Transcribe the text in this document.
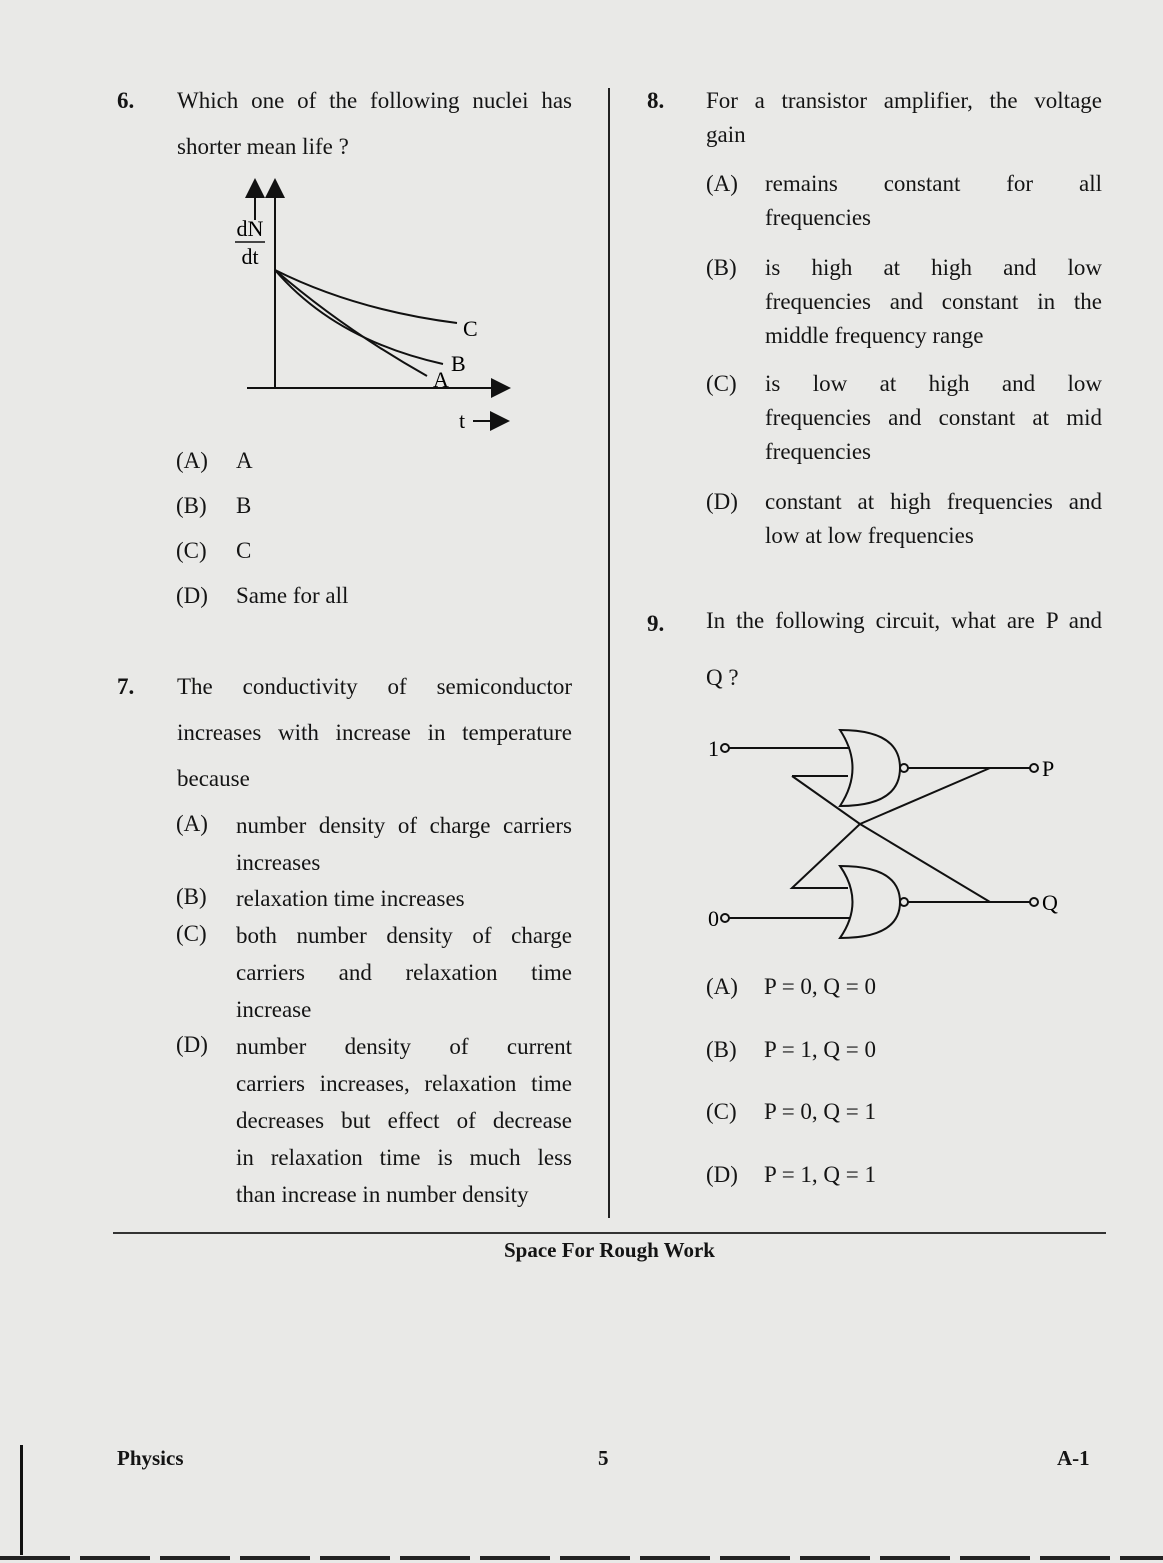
6. Which one of the following nuclei has
shorter mean life ?
dN
dt
A
B
C
t
(A) A
(B) B
(C) C
(D) Same for all
7. The conductivity of semiconductor
increases with increase in temperature
because
(A) number density of charge carriers
increases
(B) relaxation time increases
(C) both number density of charge
carriers and relaxation time
increase
(D) number density of current
carriers increases, relaxation time
decreases but effect of decrease
in relaxation time is much less
than increase in number density
8. For a transistor amplifier, the voltage
gain
(A) remains constant for all
frequencies
(B) is high at high and low
frequencies and constant in the
middle frequency range
(C) is low at high and low
frequencies and constant at mid
frequencies
(D) constant at high frequencies and
low at low frequencies
9. In the following circuit, what are P and
Q ?
1
0
P
Q
(A) P = 0, Q = 0
(B) P = 1, Q = 0
(C) P = 0, Q = 1
(D) P = 1, Q = 1
Space For Rough Work
Physics	5	A-1
